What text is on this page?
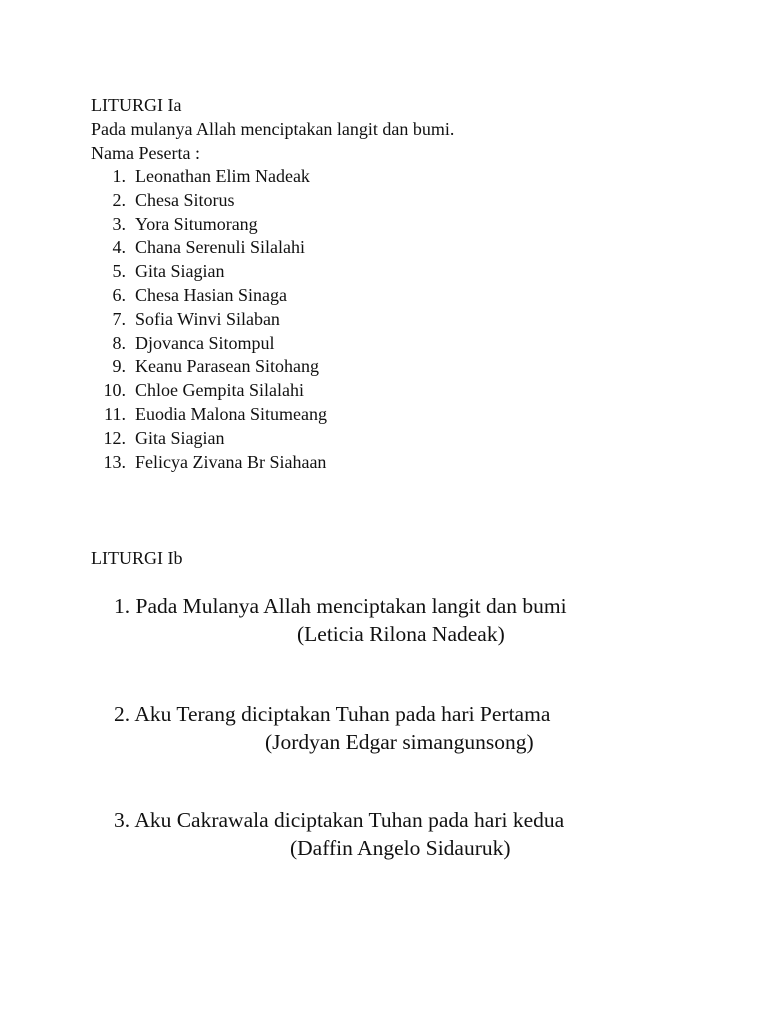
LITURGI Ia
Pada mulanya Allah menciptakan langit dan bumi.
Nama Peserta :
1. Leonathan Elim Nadeak
2. Chesa Sitorus
3. Yora Situmorang
4. Chana Serenuli Silalahi
5. Gita Siagian
6. Chesa Hasian Sinaga
7. Sofia Winvi Silaban
8. Djovanca Sitompul
9. Keanu Parasean Sitohang
10. Chloe Gempita Silalahi
11. Euodia Malona Situmeang
12. Gita Siagian
13. Felicya Zivana Br Siahaan
LITURGI Ib
1. Pada Mulanya Allah menciptakan langit dan bumi
(Leticia Rilona Nadeak)
2. Aku Terang diciptakan Tuhan pada hari Pertama
(Jordyan Edgar simangunsong)
3. Aku Cakrawala diciptakan Tuhan pada hari kedua
(Daffin Angelo Sidauruk)
